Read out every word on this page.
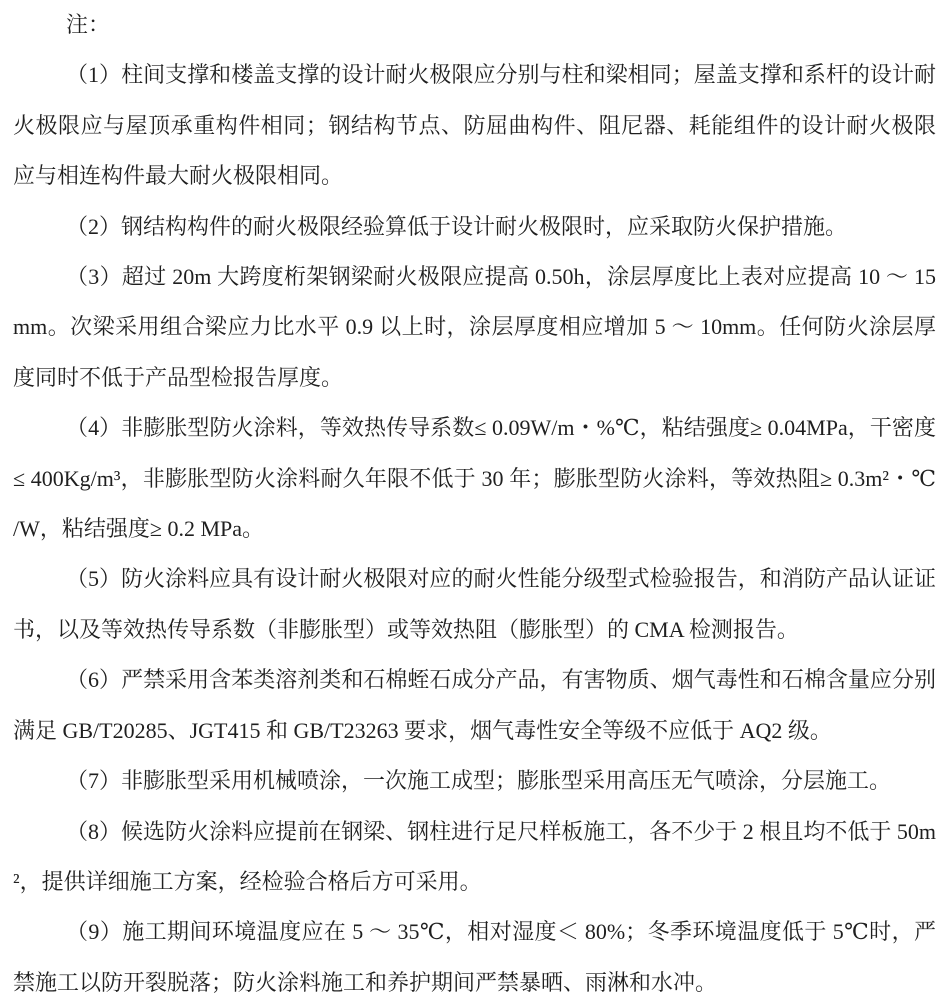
注：

（1）柱间支撑和楼盖支撑的设计耐火极限应分别与柱和梁相同；屋盖支撑和系杆的设计耐火极限应与屋顶承重构件相同；钢结构节点、防屈曲构件、阻尼器、耗能组件的设计耐火极限应与相连构件最大耐火极限相同。

（2）钢结构构件的耐火极限经验算低于设计耐火极限时，应采取防火保护措施。

（3）超过 20m 大跨度桁架钢梁耐火极限应提高 0.50h，涂层厚度比上表对应提高 10 ～ 15mm。次梁采用组合梁应力比水平 0.9 以上时，涂层厚度相应增加 5 ～ 10mm。任何防火涂层厚度同时不低于产品型检报告厚度。

（4）非膨胀型防火涂料，等效热传导系数≤ 0.09W/m・%℃，粘结强度≥ 0.04MPa，干密度≤ 400Kg/m³，非膨胀型防火涂料耐久年限不低于 30 年；膨胀型防火涂料，等效热阻≥ 0.3m²・℃ /W，粘结强度≥ 0.2 MPa。

（5）防火涂料应具有设计耐火极限对应的耐火性能分级型式检验报告，和消防产品认证证书，以及等效热传导系数（非膨胀型）或等效热阻（膨胀型）的 CMA 检测报告。

（6）严禁采用含苯类溶剂类和石棉蛭石成分产品，有害物质、烟气毒性和石棉含量应分别满足 GB/T20285、JGT415 和 GB/T23263 要求，烟气毒性安全等级不应低于 AQ2 级。

（7）非膨胀型采用机械喷涂，一次施工成型；膨胀型采用高压无气喷涂，分层施工。

（8）候选防火涂料应提前在钢梁、钢柱进行足尺样板施工，各不少于 2 根且均不低于 50m²，提供详细施工方案，经检验合格后方可采用。

（9）施工期间环境温度应在 5 ～ 35℃，相对湿度＜ 80%；冬季环境温度低于 5℃时，严禁施工以防开裂脱落；防火涂料施工和养护期间严禁暴晒、雨淋和水冲。
